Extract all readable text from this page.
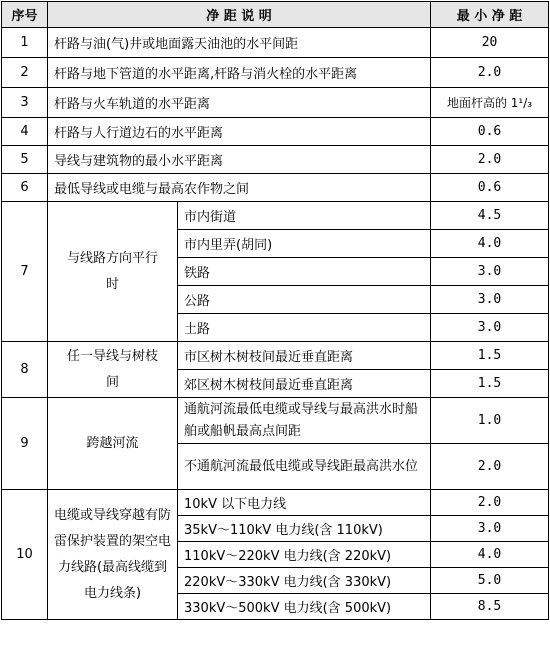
序号	净 距 说 明		最 小 净 距
1	杆路与油(气)井或地面露天油池的水平间距		20
2	杆路与地下管道的水平距离,杆路与消火栓的水平距离		2.0
3	杆路与火车轨道的水平距离		地面杆高的 1¹/₃
4	杆路与人行道边石的水平距离		0.6
5	导线与建筑物的最小水平距离		2.0
6	最低导线或电缆与最高农作物之间		0.6
7	与线路方向平行时	市内街道	4.5
		市内里弄(胡同)	4.0
		铁路	3.0
		公路	3.0
		土路	3.0
8	任一导线与树枝间	市区树木树枝间最近垂直距离	1.5
		郊区树木树枝间最近垂直距离	1.5
9	跨越河流	通航河流最低电缆或导线与最高洪水时船舶或船帆最高点间距	1.0
		不通航河流最低电缆或导线距最高洪水位	2.0
10	电缆或导线穿越有防雷保护装置的架空电力线路(最高线缆到电力线条)	10kV 以下电力线	2.0
		35kV～110kV 电力线(含 110kV)	3.0
		110kV～220kV 电力线(含 220kV)	4.0
		220kV～330kV 电力线(含 330kV)	5.0
		330kV～500kV 电力线(含 500kV)	8.5
